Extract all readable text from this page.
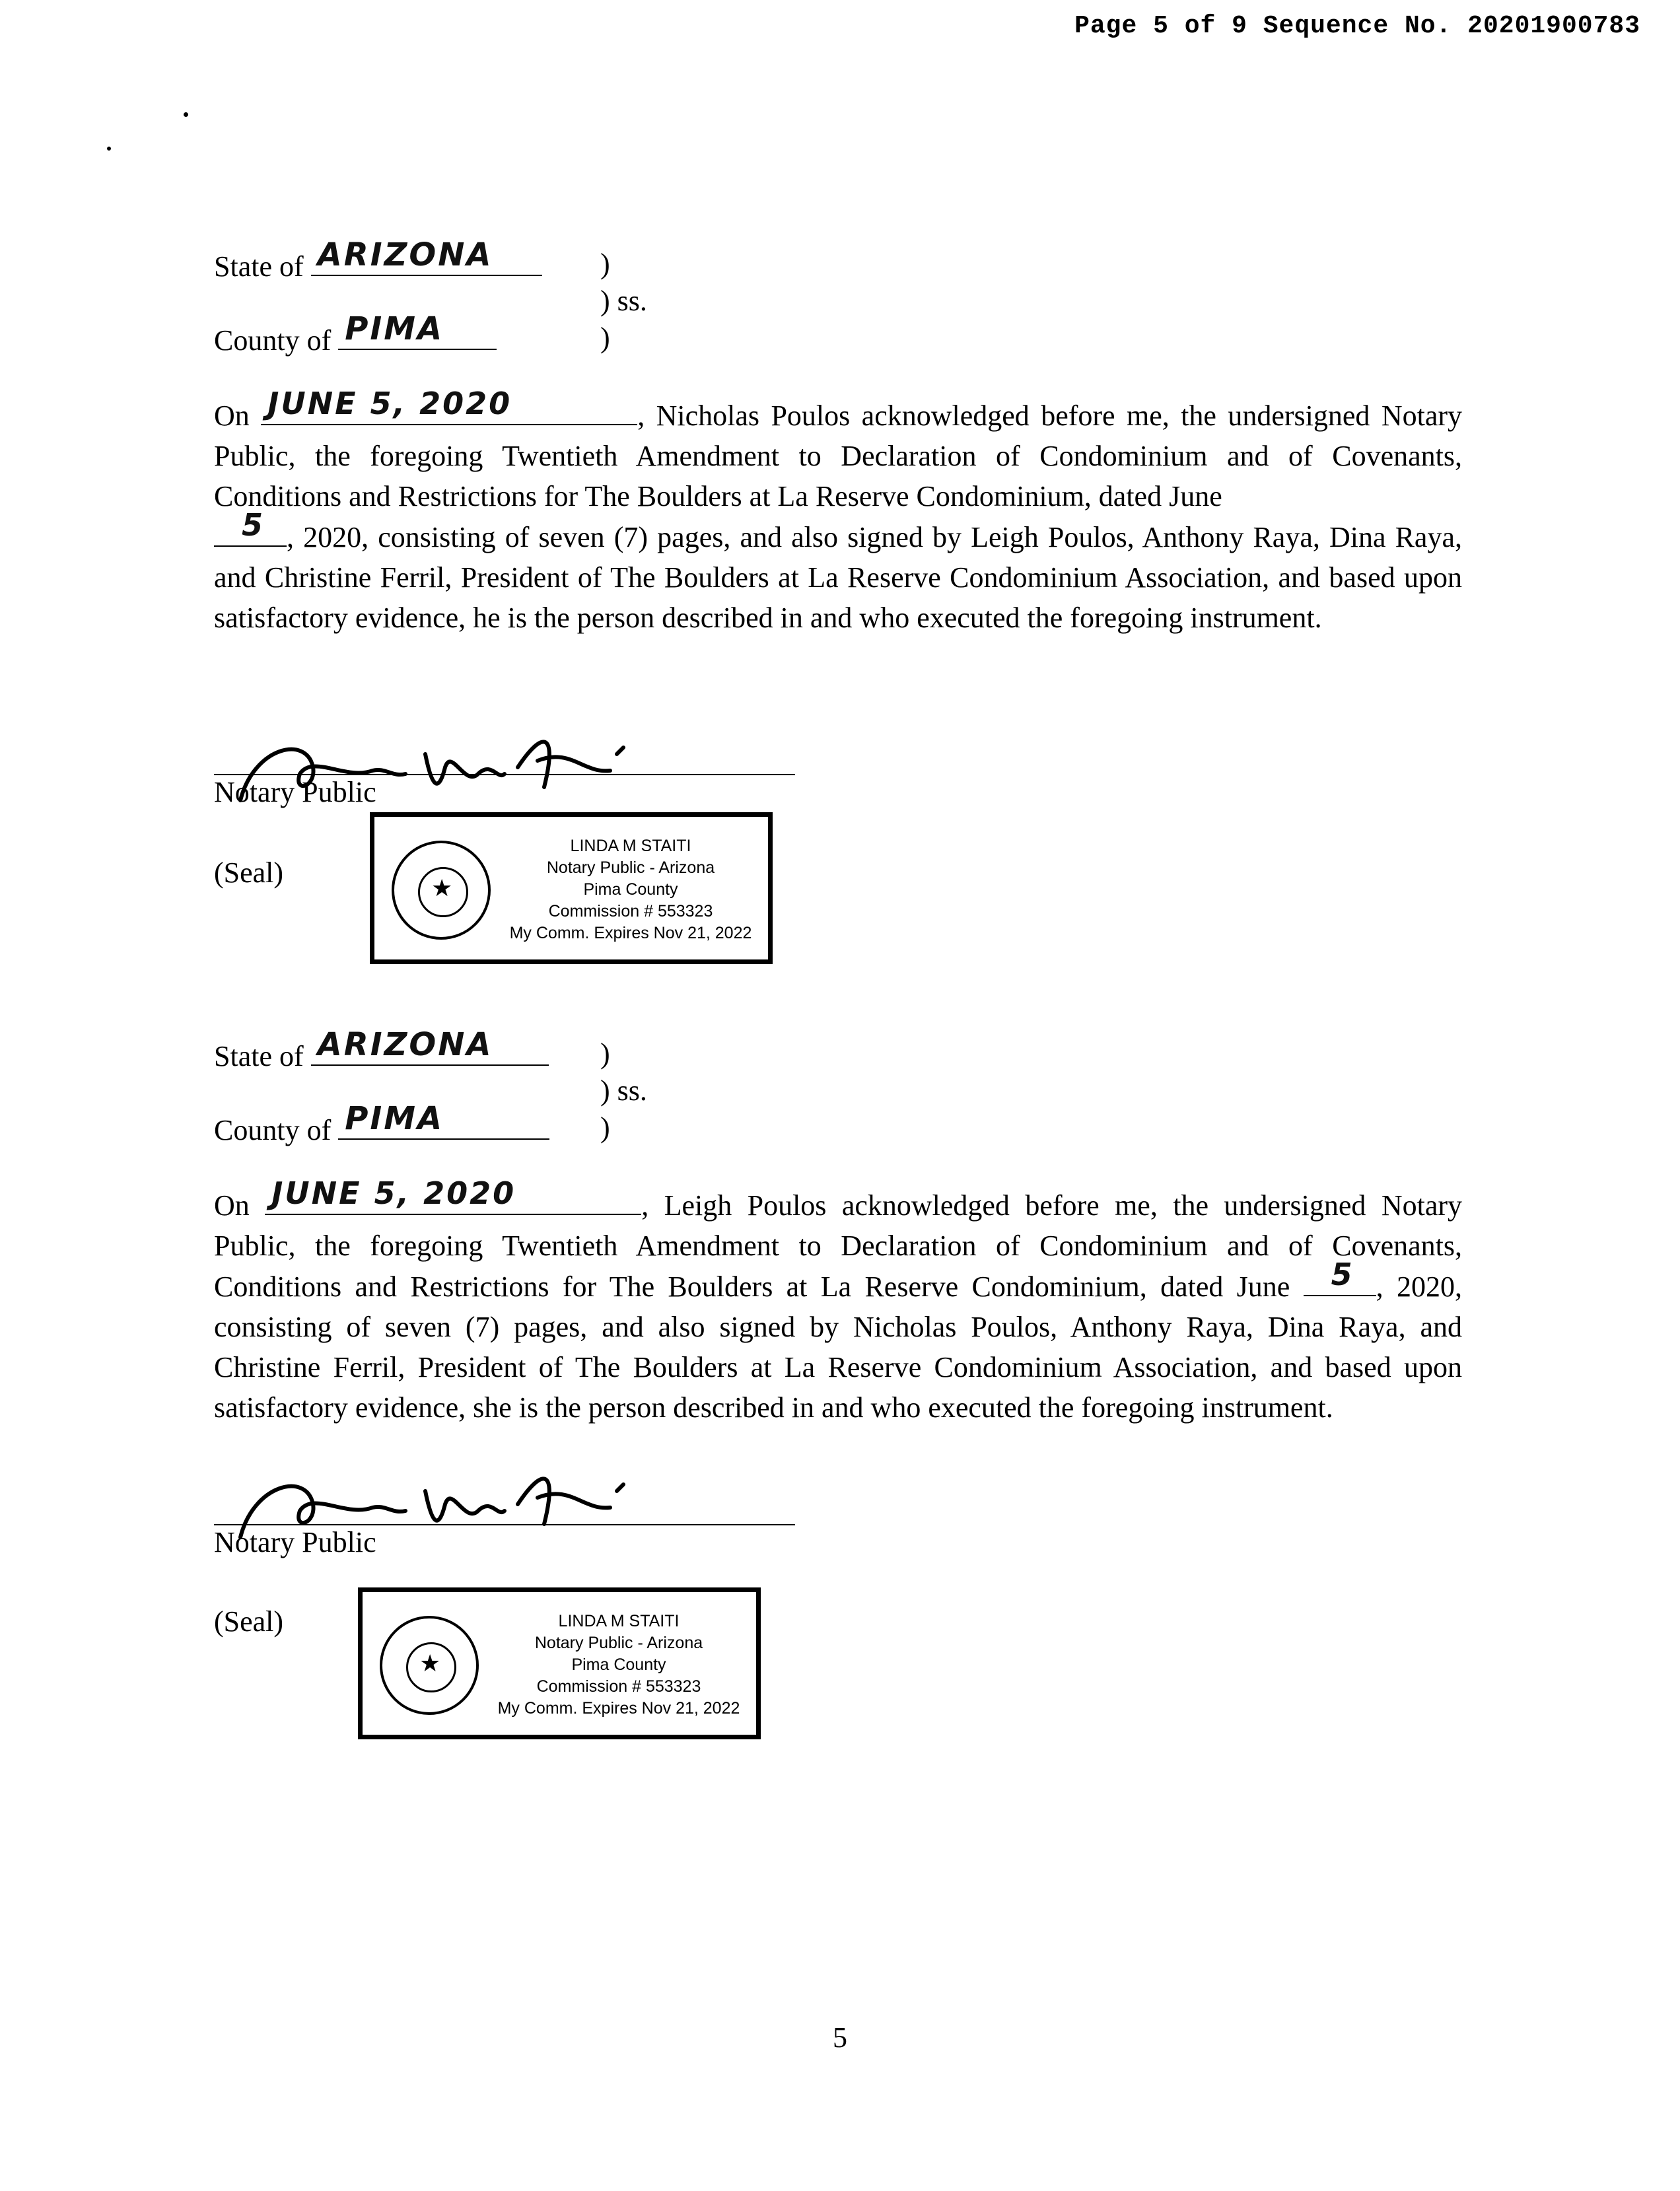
Page 5 of 9 Sequence No. 20201900783
State of ARIZONA

County of PIMA
)
) ss.
)
On JUNE 5, 2020	, Nicholas Poulos acknowledged before me, the undersigned Notary Public, the foregoing Twentieth Amendment to Declaration of Condominium and of Covenants, Conditions and Restrictions for The Boulders at La Reserve Condominium, dated June

5 , 2020, consisting of seven (7) pages, and also signed by Leigh Poulos, Anthony Raya, Dina Raya, and Christine Ferril, President of The Boulders at La Reserve Condominium Association, and based upon satisfactory evidence, he is the person described in and who executed the foregoing instrument.
Notary Public
(Seal)	★
LINDA M STAITI
Notary Public - Arizona
Pima County
Commission # 553323
My Comm. Expires Nov 21, 2022
State of ARIZONA
County of PIMA
)
) ss.
)
On JUNE 5, 2020	, Leigh Poulos acknowledged before me, the undersigned Notary Public, the foregoing Twentieth Amendment to Declaration of Condominium and of Covenants, Conditions and Restrictions for The Boulders at La Reserve Condominium, dated June 5 , 2020, consisting of seven (7) pages, and also signed by Nicholas Poulos, Anthony Raya, Dina Raya, and Christine Ferril, President of The Boulders at La Reserve Condominium Association, and based upon satisfactory evidence, she is the person described in and who executed the foregoing instrument.
Notary Public
(Seal)
★
LINDA M STAITI
Notary Public - Arizona
Pima County
Commission # 553323
My Comm. Expires Nov 21, 2022
5
